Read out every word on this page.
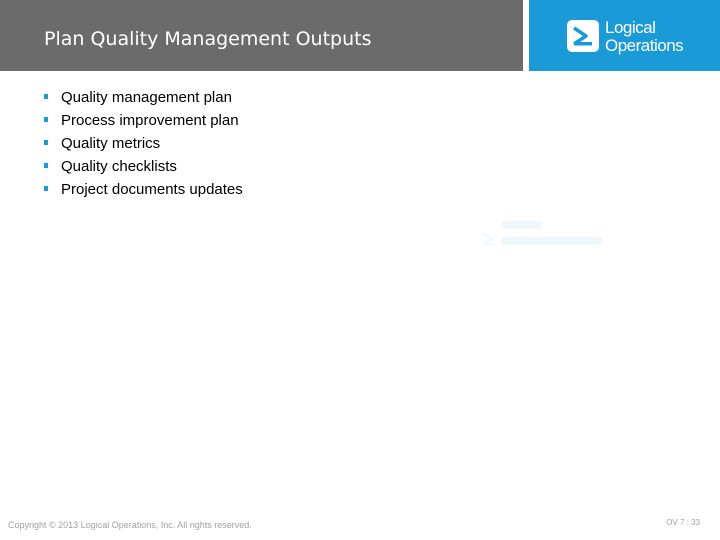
Plan Quality Management Outputs
Logical
Operations
Quality management plan
Process improvement plan
Quality metrics
Quality checklists
Project documents updates
Copyright © 2013 Logical Operations, Inc. All rights reserved.	OV 7 : 33
